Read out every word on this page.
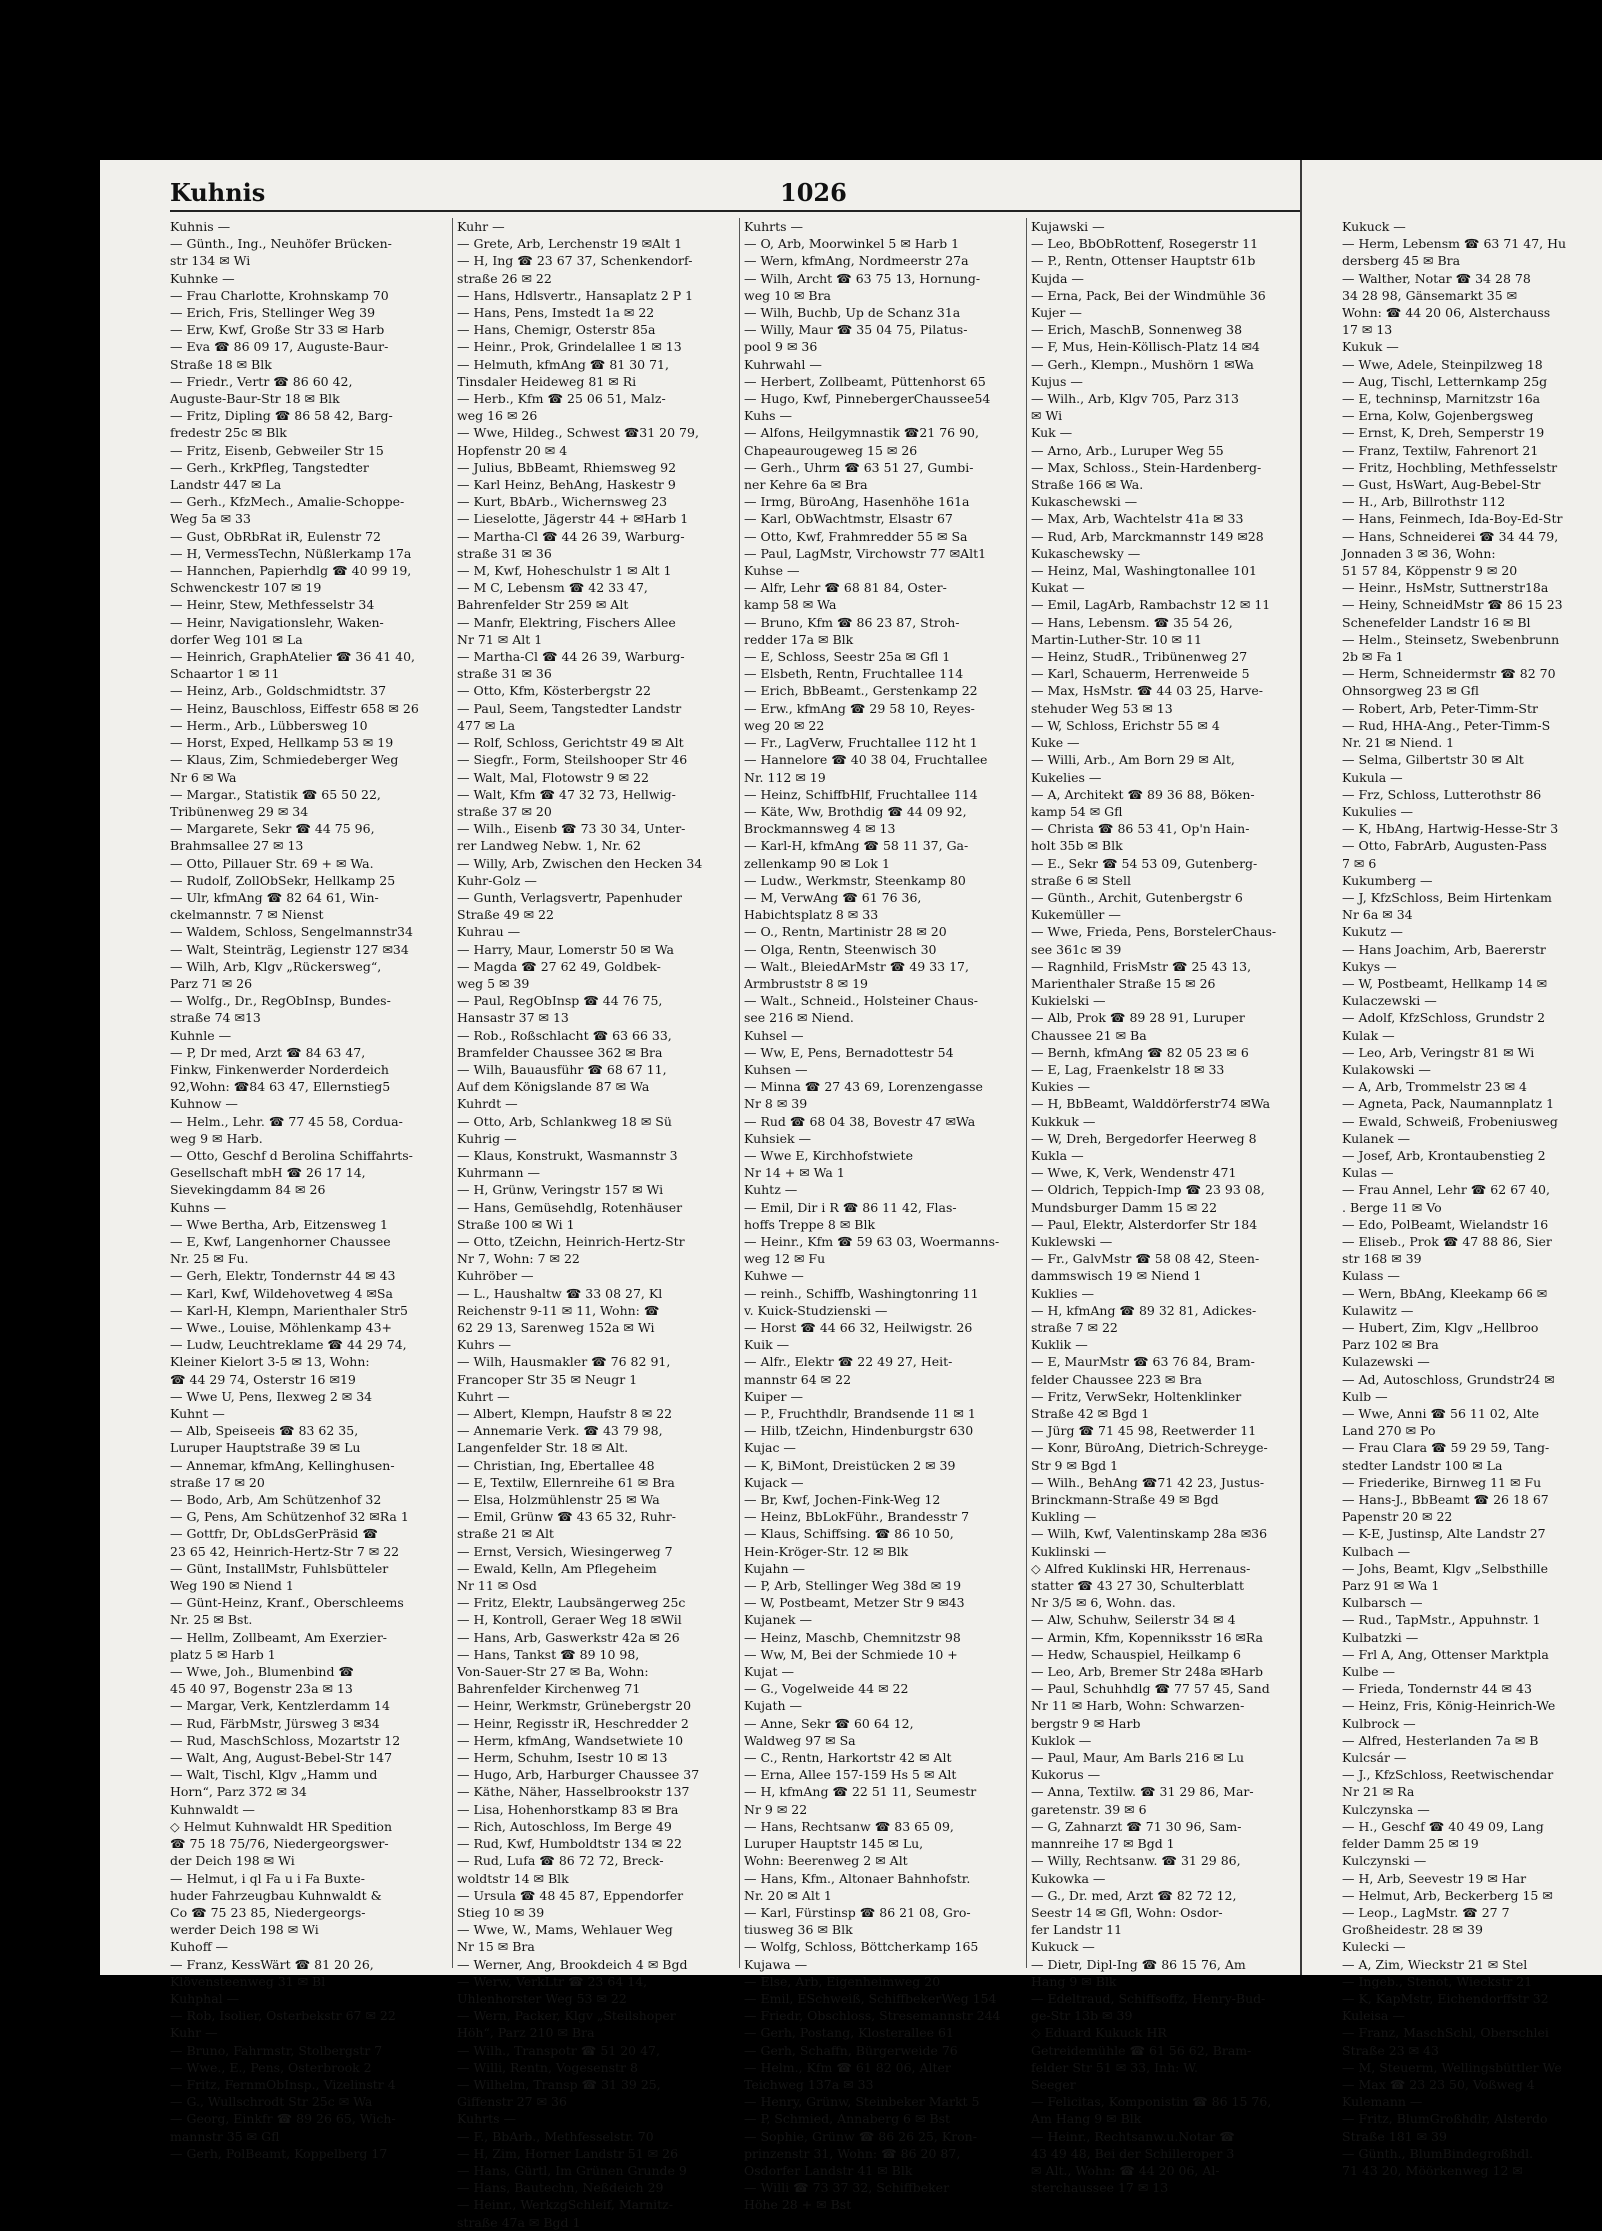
Kuhnis	1026
Kuhnis —
— Günth., Ing., Neuhöfer Brücken-
str 134 ✉ Wi
Kuhnke —
— Frau Charlotte, Krohnskamp 70
— Erich, Fris, Stellinger Weg 39
— Erw, Kwf, Große Str 33 ✉ Harb
— Eva ☎ 86 09 17, Auguste-Baur-
Straße 18 ✉ Blk
— Friedr., Vertr ☎ 86 60 42,
Auguste-Baur-Str 18 ✉ Blk
— Fritz, Dipling ☎ 86 58 42, Barg-
fredestr 25c ✉ Blk
— Fritz, Eisenb, Gebweiler Str 15
— Gerh., KrkPfleg, Tangstedter
Landstr 447 ✉ La
— Gerh., KfzMech., Amalie-Schoppe-
Weg 5a ✉ 33
— Gust, ObRbRat iR, Eulenstr 72
— H, VermessTechn, Nüßlerkamp 17a
— Hannchen, Papierhdlg ☎ 40 99 19,
Schwenckestr 107 ✉ 19
— Heinr, Stew, Methfesselstr 34
— Heinr, Navigationslehr, Waken-
dorfer Weg 101 ✉ La
— Heinrich, GraphAtelier ☎ 36 41 40,
Schaartor 1 ✉ 11
— Heinz, Arb., Goldschmidtstr. 37
— Heinz, Bauschloss, Eiffestr 658 ✉ 26
— Herm., Arb., Lübbersweg 10
— Horst, Exped, Hellkamp 53 ✉ 19
— Klaus, Zim, Schmiedeberger Weg
Nr 6 ✉ Wa
— Margar., Statistik ☎ 65 50 22,
Tribünenweg 29 ✉ 34
— Margarete, Sekr ☎ 44 75 96,
Brahmsallee 27 ✉ 13
— Otto, Pillauer Str. 69 + ✉ Wa.
— Rudolf, ZollObSekr, Hellkamp 25
— Ulr, kfmAng ☎ 82 64 61, Win-
ckelmannstr. 7 ✉ Nienst
— Waldem, Schloss, Sengelmannstr34
— Walt, Steinträg, Legienstr 127 ✉34
— Wilh, Arb, Klgv „Rückersweg“,
Parz 71 ✉ 26
— Wolfg., Dr., RegObInsp, Bundes-
straße 74 ✉13
Kuhnle —
— P, Dr med, Arzt ☎ 84 63 47,
Finkw, Finkenwerder Norderdeich
92,Wohn: ☎84 63 47, Ellernstieg5
Kuhnow —
— Helm., Lehr. ☎ 77 45 58, Corduа-
weg 9 ✉ Harb.
— Otto, Geschf d Berolina Schiffahrts-
Gesellschaft mbH ☎ 26 17 14,
Sievekingdamm 84 ✉ 26
Kuhns —
— Wwe Bertha, Arb, Eitzensweg 1
— E, Kwf, Langenhorner Chaussee
Nr. 25 ✉ Fu.
— Gerh, Elektr, Tondernstr 44 ✉ 43
— Karl, Kwf, Wildehovetweg 4 ✉Sa
— Karl-H, Klempn, Marienthaler Str5
— Wwe., Louise, Möhlenkamp 43+
— Ludw, Leuchtreklame ☎ 44 29 74,
Kleiner Kielort 3-5 ✉ 13, Wohn:
☎ 44 29 74, Osterstr 16 ✉19
— Wwe U, Pens, Ilexweg 2 ✉ 34
Kuhnt —
— Alb, Speiseeis ☎ 83 62 35,
Luruper Hauptstraße 39 ✉ Lu
— Annemar, kfmAng, Kellinghusen-
straße 17 ✉ 20
— Bodo, Arb, Am Schützenhof 32
— G, Pens, Am Schützenhof 32 ✉Ra 1
— Gottfr, Dr, ObLdsGerPräsid ☎
23 65 42, Heinrich-Hertz-Str 7 ✉ 22
— Günt, InstallMstr, Fuhlsbütteler
Weg 190 ✉ Niend 1
— Günt-Heinz, Kranf., Oberschleems
Nr. 25 ✉ Bst.
— Hellm, Zollbeamt, Am Exerzier-
platz 5 ✉ Harb 1
— Wwe, Joh., Blumenbind ☎
45 40 97, Bogenstr 23a ✉ 13
— Margar, Verk, Kentzlerdamm 14
— Rud, FärbMstr, Jürsweg 3 ✉34
— Rud, MaschSchloss, Mozartstr 12
— Walt, Ang, August-Bebel-Str 147
— Walt, Tischl, Klgv „Hamm und
Horn“, Parz 372 ✉ 34
Kuhnwaldt —
◇ Helmut Kuhnwaldt HR Spedition
☎ 75 18 75/76, Niedergeorgswer-
der Deich 198 ✉ Wi
— Helmut, i ql Fa u i Fa Buxte-
huder Fahrzeugbau Kuhnwaldt &
Co ☎ 75 23 85, Niedergeorgs-
werder Deich 198 ✉ Wi
Kuhoff —
— Franz, KessWärt ☎ 81 20 26,
Klövensteenweg 31 ✉ Bl
Kuhphal —
— Rob, Isolier, Osterbekstr 67 ✉ 22
Kuhr —
— Bruno, Fahrmstr, Stolbergstr 7
— Wwe., E., Pens, Osterbrook 2
— Fritz, FernmObInsp., Vizelinstr 4
— G., Wullschrodt Str 25c ✉ Wa
— Georg, Einkfr ☎ 89 26 65, Wich-
mannstr 35 ✉ Gfl
— Gerh, PolBeamt, Koppelberg 17
Kuhr —
— Grete, Arb, Lerchenstr 19 ✉Alt 1
— H, Ing ☎ 23 67 37, Schenkendorf-
straße 26 ✉ 22
— Hans, Hdlsvertr., Hansaplatz 2 P 1
— Hans, Pens, Imstedt 1a ✉ 22
— Hans, Chemigr, Osterstr 85a
— Heinr., Prok, Grindelallee 1 ✉ 13
— Helmuth, kfmAng ☎ 81 30 71,
Tinsdaler Heideweg 81 ✉ Ri
— Herb., Kfm ☎ 25 06 51, Malz-
weg 16 ✉ 26
— Wwe, Hildeg., Schwest ☎31 20 79,
Hopfenstr 20 ✉ 4
— Julius, BbBeamt, Rhiemsweg 92
— Karl Heinz, BehAng, Haskestr 9
— Kurt, BbArb., Wichernsweg 23
— Lieselotte, Jägerstr 44 + ✉Harb 1
— Martha-Cl ☎ 44 26 39, Warburg-
straße 31 ✉ 36
— M, Kwf, Hoheschulstr 1 ✉ Alt 1
— M C, Lebensm ☎ 42 33 47,
Bahrenfelder Str 259 ✉ Alt
— Manfr, Elektring, Fischers Allee
Nr 71 ✉ Alt 1
— Martha-Cl ☎ 44 26 39, Warburg-
straße 31 ✉ 36
— Otto, Kfm, Kösterbergstr 22
— Paul, Seem, Tangstedter Landstr
477 ✉ La
— Rolf, Schloss, Gerichtstr 49 ✉ Alt
— Siegfr., Form, Steilshooper Str 46
— Walt, Mal, Flotowstr 9 ✉ 22
— Walt, Kfm ☎ 47 32 73, Hellwig-
straße 37 ✉ 20
— Wilh., Eisenb ☎ 73 30 34, Unter-
rer Landweg Nebw. 1, Nr. 62
— Willy, Arb, Zwischen den Hecken 34
Kuhr-Golz —
— Gunth, Verlagsvertr, Papenhuder
Straße 49 ✉ 22
Kuhrau —
— Harry, Maur, Lomerstr 50 ✉ Wa
— Magda ☎ 27 62 49, Goldbek-
weg 5 ✉ 39
— Paul, RegObInsp ☎ 44 76 75,
Hansastr 37 ✉ 13
— Rob., Roßschlacht ☎ 63 66 33,
Bramfelder Chaussee 362 ✉ Bra
— Wilh, Bauausführ ☎ 68 67 11,
Auf dem Königslande 87 ✉ Wa
Kuhrdt —
— Otto, Arb, Schlankweg 18 ✉ Sü
Kuhrig —
— Klaus, Konstrukt, Wasmannstr 3
Kuhrmann —
— H, Grünw, Veringstr 157 ✉ Wi
— Hans, Gemüsehdlg, Rotenhäuser
Straße 100 ✉ Wi 1
— Otto, tZeichn, Heinrich-Hertz-Str
Nr 7, Wohn: 7 ✉ 22
Kuhröber —
— L., Haushaltw ☎ 33 08 27, Kl
Reichenstr 9-11 ✉ 11, Wohn: ☎
62 29 13, Sarenweg 152a ✉ Wi
Kuhrs —
— Wilh, Hausmakler ☎ 76 82 91,
Francoper Str 35 ✉ Neugr 1
Kuhrt —
— Albert, Klempn, Haufstr 8 ✉ 22
— Annemarie Verk. ☎ 43 79 98,
Langenfelder Str. 18 ✉ Alt.
— Christian, Ing, Ebertallee 48
— E, Textilw, Ellernreihe 61 ✉ Bra
— Elsa, Holzmühlenstr 25 ✉ Wa
— Emil, Grünw ☎ 43 65 32, Ruhr-
straße 21 ✉ Alt
— Ernst, Versich, Wiesingerweg 7
— Ewald, Kelln, Am Pflegeheim
Nr 11 ✉ Osd
— Fritz, Elektr, Laubsängerweg 25c
— H, Kontroll, Geraer Weg 18 ✉Wil
— Hans, Arb, Gaswerkstr 42a ✉ 26
— Hans, Tankst ☎ 89 10 98,
Von-Sauer-Str 27 ✉ Ba, Wohn:
Bahrenfelder Kirchenweg 71
— Heinr, Werkmstr, Grünebergstr 20
— Heinr, Regisstr iR, Heschredder 2
— Herm, kfmAng, Wandsetwiete 10
— Herm, Schuhm, Isestr 10 ✉ 13
— Hugo, Arb, Harburger Chaussee 37
— Käthe, Näher, Hasselbrookstr 137
— Lisa, Hohenhorstkamp 83 ✉ Bra
— Rich, Autoschloss, Im Berge 49
— Rud, Kwf, Humboldtstr 134 ✉ 22
— Rud, Lufa ☎ 86 72 72, Breck-
woldtstr 14 ✉ Blk
— Ursula ☎ 48 45 87, Eppendorfer
Stieg 10 ✉ 39
— Wwe, W., Mams, Wehlauer Weg
Nr 15 ✉ Bra
— Werner, Ang, Brookdeich 4 ✉ Bgd
— Werw, VerkLtr ☎ 23 64 14,
Uhlenhorster Weg 53 ✉ 22
— Wern, Packer, Klgv „Steilshoper
Höh“, Parz 210 ✉ Bra
— Wilh., Transpotr ☎ 51 20 47,
— Willi, Rentn, Vogesenstr 8
— Wilhelm, Transp ☎ 31 39 25,
Giffenstr 27 ✉ 36
Kuhrts —
— F., BbArb., Methfesselstr. 70
— H, Zim, Horner Landstr 51 ✉ 26
— Hans, Gürtl, Im Grünen Grunde 9
— Hans, Bautechn, Neßdeich 29
— Heinr., WerkzgSchleif, Marnitz-
straße 47a ✉ Bgd 1
Kuhrts —
— O, Arb, Moorwinkel 5 ✉ Harb 1
— Wern, kfmAng, Nordmeerstr 27a
— Wilh, Archt ☎ 63 75 13, Hornung-
weg 10 ✉ Bra
— Wilh, Buchb, Up de Schanz 31a
— Willy, Maur ☎ 35 04 75, Pilatus-
pool 9 ✉ 36
Kuhrwahl —
— Herbert, Zollbeamt, Püttenhorst 65
— Hugo, Kwf, PinnebergerChaussee54
Kuhs —
— Alfons, Heilgymnastik ☎21 76 90,
Chapeaurougeweg 15 ✉ 26
— Gerh., Uhrm ☎ 63 51 27, Gumbi-
ner Kehre 6a ✉ Bra
— Irmg, BüroAng, Hasenhöhe 161a
— Karl, ObWachtmstr, Elsastr 67
— Otto, Kwf, Frahmredder 55 ✉ Sa
— Paul, LagMstr, Virchowstr 77 ✉Alt1
Kuhse —
— Alfr, Lehr ☎ 68 81 84, Oster-
kamp 58 ✉ Wa
— Bruno, Kfm ☎ 86 23 87, Stroh-
redder 17a ✉ Blk
— E, Schloss, Seestr 25a ✉ Gfl 1
— Elsbeth, Rentn, Fruchtallee 114
— Erich, BbBeamt., Gerstenkamp 22
— Erw., kfmAng ☎ 29 58 10, Reyes-
weg 20 ✉ 22
— Fr., LagVerw, Fruchtallee 112 ht 1
— Hannelore ☎ 40 38 04, Fruchtallee
Nr. 112 ✉ 19
— Heinz, SchiffbHlf, Fruchtallee 114
— Käte, Ww, Brothdig ☎ 44 09 92,
Brockmannsweg 4 ✉ 13
— Karl-H, kfmAng ☎ 58 11 37, Ga-
zellenkamp 90 ✉ Lok 1
— Ludw., Werkmstr, Steenkamp 80
— M, VerwAng ☎ 61 76 36,
Habichtsplatz 8 ✉ 33
— O., Rentn, Martinistr 28 ✉ 20
— Olga, Rentn, Steenwisch 30
— Walt., BleiedArMstr ☎ 49 33 17,
Armbruststr 8 ✉ 19
— Walt., Schneid., Holsteiner Chaus-
see 216 ✉ Niend.
Kuhsel —
— Ww, E, Pens, Bernadottestr 54
Kuhsen —
— Minna ☎ 27 43 69, Lorenzengasse
Nr 8 ✉ 39
— Rud ☎ 68 04 38, Bovestr 47 ✉Wa
Kuhsiek —
— Wwe E, Kirchhofstwiete
Nr 14 + ✉ Wa 1
Kuhtz —
— Emil, Dir i R ☎ 86 11 42, Flas-
hoffs Treppe 8 ✉ Blk
— Heinr., Kfm ☎ 59 63 03, Woermanns-
weg 12 ✉ Fu
Kuhwe —
— reinh., Schiffb, Washingtonring 11
v. Kuick-Studzienski —
— Horst ☎ 44 66 32, Heilwigstr. 26
Kuik —
— Alfr., Elektr ☎ 22 49 27, Heit-
mannstr 64 ✉ 22
Kuiper —
— P., Fruchthdlr, Brandsende 11 ✉ 1
— Hilb, tZeichn, Hindenburgstr 630
Kujac —
— K, BiMont, Dreistücken 2 ✉ 39
Kujack —
— Br, Kwf, Jochen-Fink-Weg 12
— Heinz, BbLokFühr., Brandesstr 7
— Klaus, Schiffsing. ☎ 86 10 50,
Hein-Kröger-Str. 12 ✉ Blk
Kujahn —
— P, Arb, Stellinger Weg 38d ✉ 19
— W, Postbeamt, Metzer Str 9 ✉43
Kujanek —
— Heinz, Maschb, Chemnitzstr 98
— Ww, M, Bei der Schmiede 10 +
Kujat —
— G., Vogelweide 44 ✉ 22
Kujath —
— Anne, Sekr ☎ 60 64 12,
Waldweg 97 ✉ Sa
— C., Rentn, Harkortstr 42 ✉ Alt
— Erna, Allee 157-159 Hs 5 ✉ Alt
— H, kfmAng ☎ 22 51 11, Seumestr
Nr 9 ✉ 22
— Hans, Rechtsanw ☎ 83 65 09,
Luruper Hauptstr 145 ✉ Lu,
Wohn: Beerenweg 2 ✉ Alt
— Hans, Kfm., Altonaer Bahnhofstr.
Nr. 20 ✉ Alt 1
— Karl, Fürstinsp ☎ 86 21 08, Gro-
tiusweg 36 ✉ Blk
— Wolfg, Schloss, Böttcherkamp 165
Kujawa —
— Else, Arb, Eigenheimweg 20
— Emil, ESchweiß, SchiffbekerWeg 154
— Friedr, Obschloss, Stresemannstr 244
— Gerh, Postang, Klosterallee 61
— Gerh, Schaffn, Bürgerweide 76
— Helm., Kfm ☎ 61 82 06, Alter
Teichweg 137a ✉ 33
— Henry, Grünw, Steinbeker Markt 5
— P, Schmied, Annaberg 6 ✉ Bst
— Sophie, Grünw ☎ 86 26 25, Kron-
prinzenstr 31, Wohn: ☎ 86 20 87,
Osdorfer Landstr 41 ✉ Blk
— Willi ☎ 73 37 32, Schiffbeker
Höhe 28 + ✉ Bst
Kujawski —
— Leo, BbObRottenf, Rosegerstr 11
— P., Rentn, Ottenser Hauptstr 61b
Kujda —
— Erna, Pack, Bei der Windmühle 36
Kujer —
— Erich, MaschB, Sonnenweg 38
— F, Mus, Hein-Köllisch-Platz 14 ✉4
— Gerh., Klempn., Mushörn 1 ✉Wa
Kujus —
— Wilh., Arb, Klgv 705, Parz 313
✉ Wi
Kuk —
— Arno, Arb., Luruper Weg 55
— Max, Schloss., Stein-Hardenberg-
Straße 166 ✉ Wa.
Kukaschewski —
— Max, Arb, Wachtelstr 41a ✉ 33
— Rud, Arb, Marckmannstr 149 ✉28
Kukaschewsky —
— Heinz, Mal, Washingtonallee 101
Kukat —
— Emil, LagArb, Rambachstr 12 ✉ 11
— Hans, Lebensm. ☎ 35 54 26,
Martin-Luther-Str. 10 ✉ 11
— Heinz, StudR., Tribünenweg 27
— Karl, Schauerm, Herrenweide 5
— Max, HsMstr. ☎ 44 03 25, Harve-
stehuder Weg 53 ✉ 13
— W, Schloss, Erichstr 55 ✉ 4
Kuke —
— Willi, Arb., Am Born 29 ✉ Alt,
Kukelies —
— A, Architekt ☎ 89 36 88, Böken-
kamp 54 ✉ Gfl
— Christa ☎ 86 53 41, Op'n Hain-
holt 35b ✉ Blk
— E., Sekr ☎ 54 53 09, Gutenberg-
straße 6 ✉ Stell
— Günth., Archit, Gutenbergstr 6
Kukemüller —
— Wwe, Frieda, Pens, BorstelerChaus-
see 361c ✉ 39
— Ragnhild, FrisMstr ☎ 25 43 13,
Marienthaler Straße 15 ✉ 26
Kukielski —
— Alb, Prok ☎ 89 28 91, Luruper
Chaussee 21 ✉ Ba
— Bernh, kfmAng ☎ 82 05 23 ✉ 6
— E, Lag, Fraenkelstr 18 ✉ 33
Kukies —
— H, BbBeamt, Walddörferstr74 ✉Wa
Kukkuk —
— W, Dreh, Bergedorfer Heerweg 8
Kukla —
— Wwe, K, Verk, Wendenstr 471
— Oldrich, Teppich-Imp ☎ 23 93 08,
Mundsburger Damm 15 ✉ 22
— Paul, Elektr, Alsterdorfer Str 184
Kuklewski —
— Fr., GalvMstr ☎ 58 08 42, Steen-
dammswisch 19 ✉ Niend 1
Kuklies —
— H, kfmAng ☎ 89 32 81, Adickes-
straße 7 ✉ 22
Kuklik —
— E, MaurMstr ☎ 63 76 84, Bram-
felder Chaussee 223 ✉ Bra
— Fritz, VerwSekr, Holtenklinker
Straße 42 ✉ Bgd 1
— Jürg ☎ 71 45 98, Reetwerder 11
— Konr, BüroAng, Dietrich-Schreyge-
Str 9 ✉ Bgd 1
— Wilh., BehAng ☎71 42 23, Justus-
Brinckmann-Straße 49 ✉ Bgd
Kukling —
— Wilh, Kwf, Valentinskamp 28a ✉36
Kuklinski —
◇ Alfred Kuklinski HR, Herrenaus-
statter ☎ 43 27 30, Schulterblatt
Nr 3/5 ✉ 6, Wohn. das.
— Alw, Schuhw, Seilerstr 34 ✉ 4
— Armin, Kfm, Kopenniksstr 16 ✉Ra
— Hedw, Schauspiel, Heilkamp 6
— Leo, Arb, Bremer Str 248a ✉Harb
— Paul, Schuhhdlg ☎ 77 57 45, Sand
Nr 11 ✉ Harb, Wohn: Schwarzen-
bergstr 9 ✉ Harb
Kuklok —
— Paul, Maur, Am Barls 216 ✉ Lu
Kukorus —
— Anna, Textilw. ☎ 31 29 86, Mar-
garetenstr. 39 ✉ 6
— G, Zahnarzt ☎ 71 30 96, Sam-
mannreihe 17 ✉ Bgd 1
— Willy, Rechtsanw. ☎ 31 29 86,
Kukowka —
— G., Dr. med, Arzt ☎ 82 72 12,
Seestr 14 ✉ Gfl, Wohn: Osdor-
fer Landstr 11
Kukuck —
— Dietr, Dipl-Ing ☎ 86 15 76, Am
Hang 9 ✉ Blk
— Edeltraud, Schiffsoffz, Henry-Bud-
ge-Str 13b ✉ 39
◇ Eduard Kukuck HR
Getreidemühle ☎ 61 56 62, Bram-
felder Str 51 ✉ 33, Inh: W.
Seeger
— Felicitas, Komponistin ☎ 86 15 76,
Am Hang 9 ✉ Blk
— Heinr., Rechtsanw.u.Notar ☎
43 49 48, Bei der Schilleroper 3
✉ Alt., Wohn: ☎ 44 20 06, Al-
sterchaussee 17 ✉ 13
Kukuck —
— Herm, Lebensm ☎ 63 71 47, Hu
dersberg 45 ✉ Bra
— Walther, Notar ☎ 34 28 78
34 28 98, Gänsemarkt 35 ✉
Wohn: ☎ 44 20 06, Alsterchauss
17 ✉ 13
Kukuk —
— Wwe, Adele, Steinpilzweg 18
— Aug, Tischl, Letternkamp 25g
— E, techninsp, Marnitzstr 16a
— Erna, Kolw, Gojenbergsweg
— Ernst, K, Dreh, Semperstr 19
— Franz, Textilw, Fahrenort 21
— Fritz, Hochbling, Methfesselstr
— Gust, HsWart, Aug-Bebel-Str
— H., Arb, Billrothstr 112
— Hans, Feinmech, Ida-Boy-Ed-Str
— Hans, Schneiderei ☎ 34 44 79,
Jonnaden 3 ✉ 36, Wohn:
51 57 84, Köppenstr 9 ✉ 20
— Heinr., HsMstr, Suttnerstr18a
— Heiny, SchneidMstr ☎ 86 15 23
Schenefelder Landstr 16 ✉ Bl
— Helm., Steinsetz, Swebenbrunn
2b ✉ Fa 1
— Herm, Schneidermstr ☎ 82 70
Ohnsorgweg 23 ✉ Gfl
— Robert, Arb, Peter-Timm-Str
— Rud, HHA-Ang., Peter-Timm-S
Nr. 21 ✉ Niend. 1
— Selma, Gilbertstr 30 ✉ Alt
Kukula —
— Frz, Schloss, Lutterothstr 86
Kukulies —
— K, HbAng, Hartwig-Hesse-Str 3
— Otto, FabrArb, Augusten-Pass
7 ✉ 6
Kukumberg —
— J, KfzSchloss, Beim Hirtenkam
Nr 6a ✉ 34
Kukutz —
— Hans Joachim, Arb, Baererstr
Kukys —
— W, Postbeamt, Hellkamp 14 ✉
Kulaczewski —
— Adolf, KfzSchloss, Grundstr 2
Kulak —
— Leo, Arb, Veringstr 81 ✉ Wi
Kulakowski —
— A, Arb, Trommelstr 23 ✉ 4
— Agneta, Pack, Naumannplatz 1
— Ewald, Schweiß, Frobeniusweg
Kulanek —
— Josef, Arb, Krontaubenstieg 2
Kulas —
— Frau Annel, Lehr ☎ 62 67 40,
. Berge 11 ✉ Vo
— Edo, PolBeamt, Wielandstr 16
— Eliseb., Prok ☎ 47 88 86, Sier
str 168 ✉ 39
Kulass —
— Wern, BbAng, Kleekamp 66 ✉
Kulawitz —
— Hubert, Zim, Klgv „Hellbroo
Parz 102 ✉ Bra
Kulazewski —
— Ad, Autoschloss, Grundstr24 ✉
Kulb —
— Wwe, Anni ☎ 56 11 02, Alte
Land 270 ✉ Po
— Frau Clara ☎ 59 29 59, Tang-
stedter Landstr 100 ✉ La
— Friederike, Birnweg 11 ✉ Fu
— Hans-J., BbBeamt ☎ 26 18 67
Papenstr 20 ✉ 22
— K-E, Justinsp, Alte Landstr 27
Kulbach —
— Johs, Beamt, Klgv „Selbsthille
Parz 91 ✉ Wa 1
Kulbarsch —
— Rud., TapMstr., Appuhnstr. 1
Kulbatzki —
— Frl A, Ang, Ottenser Marktpla
Kulbe —
— Frieda, Tondernstr 44 ✉ 43
— Heinz, Fris, König-Heinrich-We
Kulbrock —
— Alfred, Hesterlanden 7a ✉ B
Kulcsár —
— J., KfzSchloss, Reetwischendar
Nr 21 ✉ Ra
Kulczynska —
— H., Geschf ☎ 40 49 09, Lang
felder Damm 25 ✉ 19
Kulczynski —
— H, Arb, Seevestr 19 ✉ Har
— Helmut, Arb, Beckerberg 15 ✉
— Leop., LagMstr. ☎ 27 7
Großheidestr. 28 ✉ 39
Kulecki —
— A, Zim, Wieckstr 21 ✉ Stel
— Ingeb., Stenot, Wieckstr 21
— K, KapMstr, Eichendorffstr 32
Kuleisa —
— Franz, MaschSchl, Oberschlei
Straße 23 ✉ 43
— M, Steuerm, Wellingsbüttler We
— Max ☎ 23 23 50, Voßweg 4
Kulemann —
— Fritz, BlumGroßhdlr, Alsterdo
Straße 181 ✉ 39
— Günth., BlumBindegroßhdl.
71 43 20, Möörkenweg 12 ✉
